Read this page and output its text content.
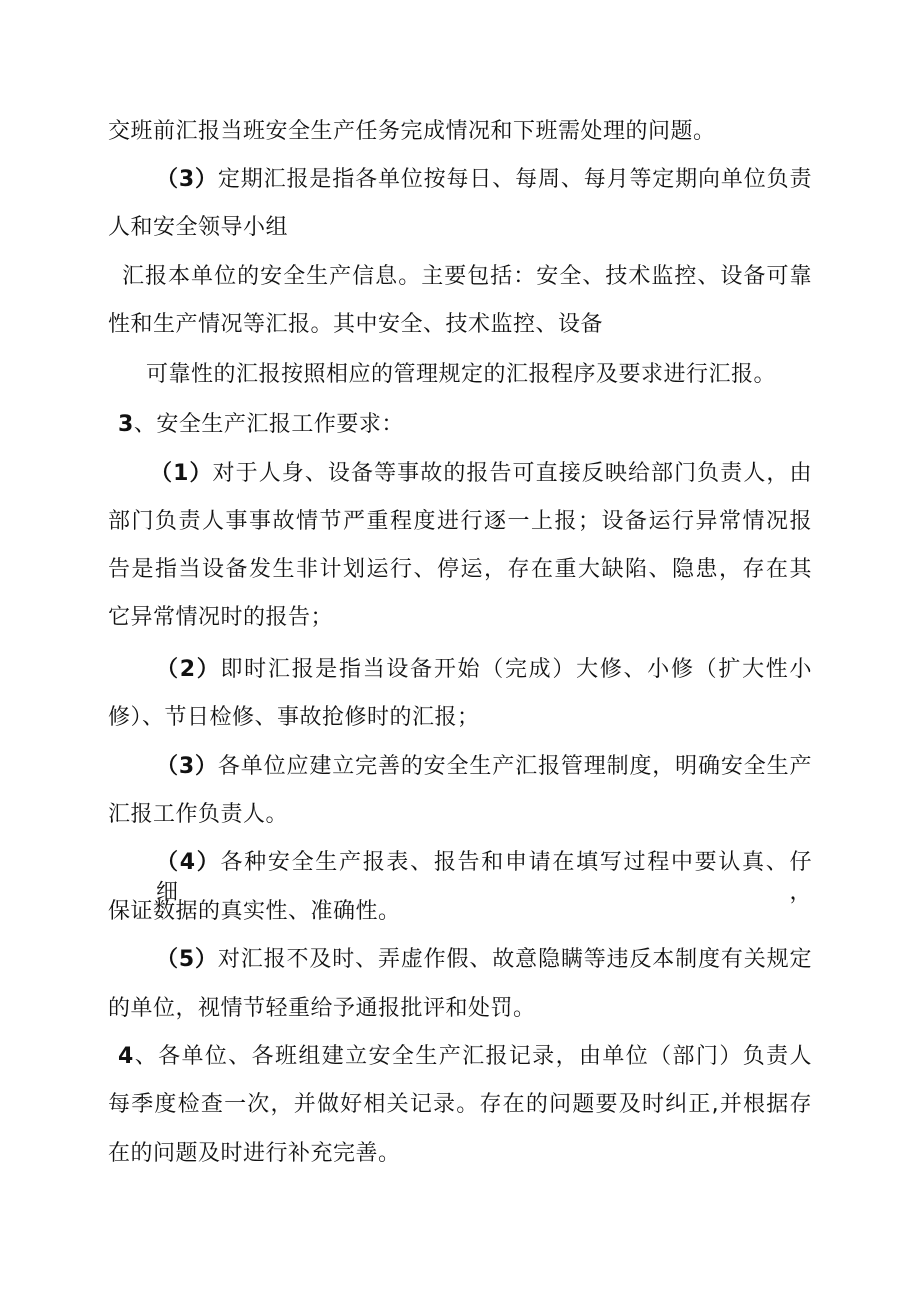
交班前汇报当班安全生产任务完成情况和下班需处理的问题。
（3）定期汇报是指各单位按每日、每周、每月等定期向单位负责
人和安全领导小组
汇报本单位的安全生产信息。主要包括：安全、技术监控、设备可靠
性和生产情况等汇报。其中安全、技术监控、设备
可靠性的汇报按照相应的管理规定的汇报程序及要求进行汇报。
3、安全生产汇报工作要求：
（1）对于人身、设备等事故的报告可直接反映给部门负责人，由
部门负责人事事故情节严重程度进行逐一上报；设备运行异常情况报
告是指当设备发生非计划运行、停运，存在重大缺陷、隐患，存在其
它异常情况时的报告；
（2）即时汇报是指当设备开始（完成）大修、小修（扩大性小
修）、节日检修、事故抢修时的汇报；
（3）各单位应建立完善的安全生产汇报管理制度，明确安全生产
汇报工作负责人。
（4）各种安全生产报表、报告和申请在填写过程中要认真、仔细，
保证数据的真实性、准确性。
（5）对汇报不及时、弄虚作假、故意隐瞒等违反本制度有关规定
的单位，视情节轻重给予通报批评和处罚。
4、各单位、各班组建立安全生产汇报记录，由单位（部门）负责人
每季度检查一次，并做好相关记录。存在的问题要及时纠正,并根据存
在的问题及时进行补充完善。
